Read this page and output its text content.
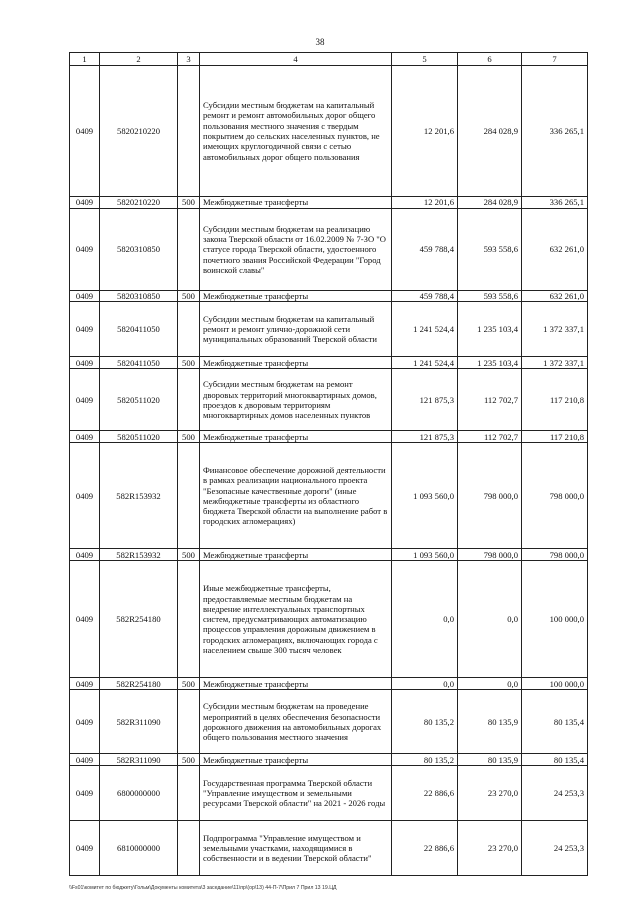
38
1	2	3	4	5	6	7
0409	5820210220		Субсидии местным бюджетам на капитальный ремонт и ремонт автомобильных дорог общего пользования местного значения с твердым покрытием до сельских населенных пунктов, не имеющих круглогодичной связи с сетью автомобильных дорог общего пользования	12 201,6	284 028,9	336 265,1
0409	5820210220	500	Межбюджетные трансферты	12 201,6	284 028,9	336 265,1
0409	5820310850		Субсидии местным бюджетам на реализацию закона Тверской области от 16.02.2009 № 7-ЗО "О статусе города Тверской области, удостоенного почетного звания Российской Федерации "Город воинской славы"	459 788,4	593 558,6	632 261,0
0409	5820310850	500	Межбюджетные трансферты	459 788,4	593 558,6	632 261,0
0409	5820411050		Субсидии местным бюджетам на капитальный ремонт и ремонт улично-дорожной сети муниципальных образований Тверской области	1 241 524,4	1 235 103,4	1 372 337,1
0409	5820411050	500	Межбюджетные трансферты	1 241 524,4	1 235 103,4	1 372 337,1
0409	5820511020		Субсидии местным бюджетам на ремонт дворовых территорий многоквартирных домов, проездов к дворовым территориям многоквартирных домов населенных пунктов	121 875,3	112 702,7	117 210,8
0409	5820511020	500	Межбюджетные трансферты	121 875,3	112 702,7	117 210,8
0409	582R153932		Финансовое обеспечение дорожной деятельности в рамках реализации национального проекта "Безопасные качественные дороги" (иные межбюджетные трансферты из областного бюджета Тверской области на выполнение работ в городских агломерациях)	1 093 560,0	798 000,0	798 000,0
0409	582R153932	500	Межбюджетные трансферты	1 093 560,0	798 000,0	798 000,0
0409	582R254180		Иные межбюджетные трансферты, предоставляемые местным бюджетам на внедрение интеллектуальных транспортных систем, предусматривающих автоматизацию процессов управления дорожным движением в городских агломерациях, включающих города с населением свыше 300 тысяч человек	0,0	0,0	100 000,0
0409	582R254180	500	Межбюджетные трансферты	0,0	0,0	100 000,0
0409	582R311090		Субсидии местным бюджетам на проведение мероприятий в целях обеспечения безопасности дорожного движения на автомобильных дорогах общего пользования местного значения	80 135,2	80 135,9	80 135,4
0409	582R311090	500	Межбюджетные трансферты	80 135,2	80 135,9	80 135,4
0409	6800000000		Государственная программа Тверской области "Управление имуществом и земельными ресурсами Тверской области" на 2021 - 2026 годы	22 886,6	23 270,0	24 253,3
0409	6810000000		Подпрограмма "Управление имуществом и земельными участками, находящимися в собственности и в ведении Тверской области"	22 886,6	23 270,0	24 253,3
\\Fs01\комитет по бюджету\Гольм\Документы комитета\3 заседание\11\пр\(ор\13) 44-П-7\Прил 7 Прил 13 19.ЦД
